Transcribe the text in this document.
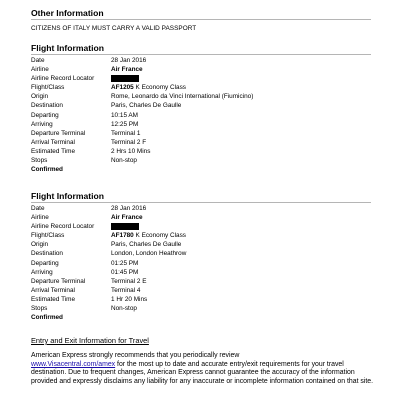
Other Information
CITIZENS OF ITALY MUST CARRY A VALID PASSPORT
Flight Information
Date	28 Jan 2016
Airline	Air France
Airline Record Locator
Flight/Class	AF1205 K Economy Class
Origin	Rome, Leonardo da Vinci International (Fiumicino)
Destination	Paris, Charles De Gaulle
Departing	10:15 AM
Arriving	12:25 PM
Departure Terminal	Terminal 1
Arrival Terminal	Terminal 2 F
Estimated Time	2 Hrs 10 Mins
Stops	Non-stop
Confirmed
Flight Information
Date	28 Jan 2016
Airline	Air France
Airline Record Locator
Flight/Class	AF1780 K Economy Class
Origin	Paris, Charles De Gaulle
Destination	London, London Heathrow
Departing	01:25 PM
Arriving	01:45 PM
Departure Terminal	Terminal 2 E
Arrival Terminal	Terminal 4
Estimated Time	1 Hr 20 Mins
Stops	Non-stop
Confirmed
Entry and Exit Information for Travel
American Express strongly recommends that you periodically review
www.Visacentral.com/amex for the most up to date and accurate entry/exit requirements for your travel destination. Due to frequent changes, American Express cannot guarantee the accuracy of the information provided and expressly disclaims any liability for any inaccurate or incomplete information contained on that site.
